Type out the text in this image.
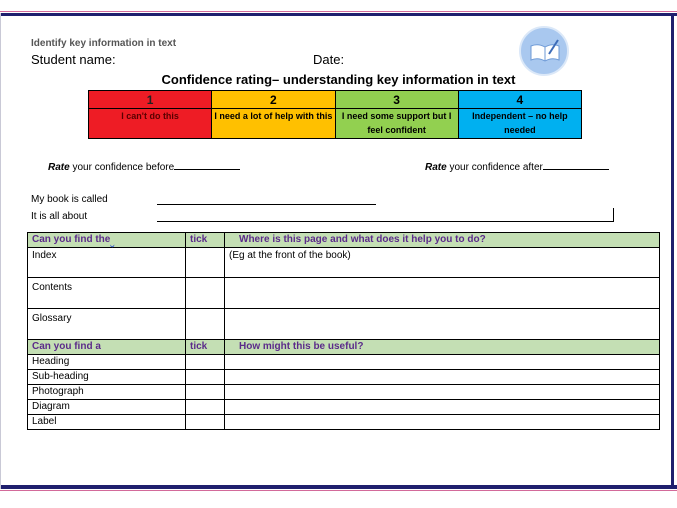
Identify key information in text
Student name:	Date:
Confidence rating– understanding key information in text
1	2	3	4
I can't do this	I need a lot of help with this	I need some support but I feel confident	Independent – no help needed
Rate your confidence before	Rate your confidence after
My book is called
It is all about
Can you find the	tick	Where is this page and what does it help you to do?
Index		(Eg at the front of the book)
Contents		
Glossary		
Can you find a	tick	How might this be useful?
Heading		
Sub-heading		
Photograph		
Diagram		
Label		
